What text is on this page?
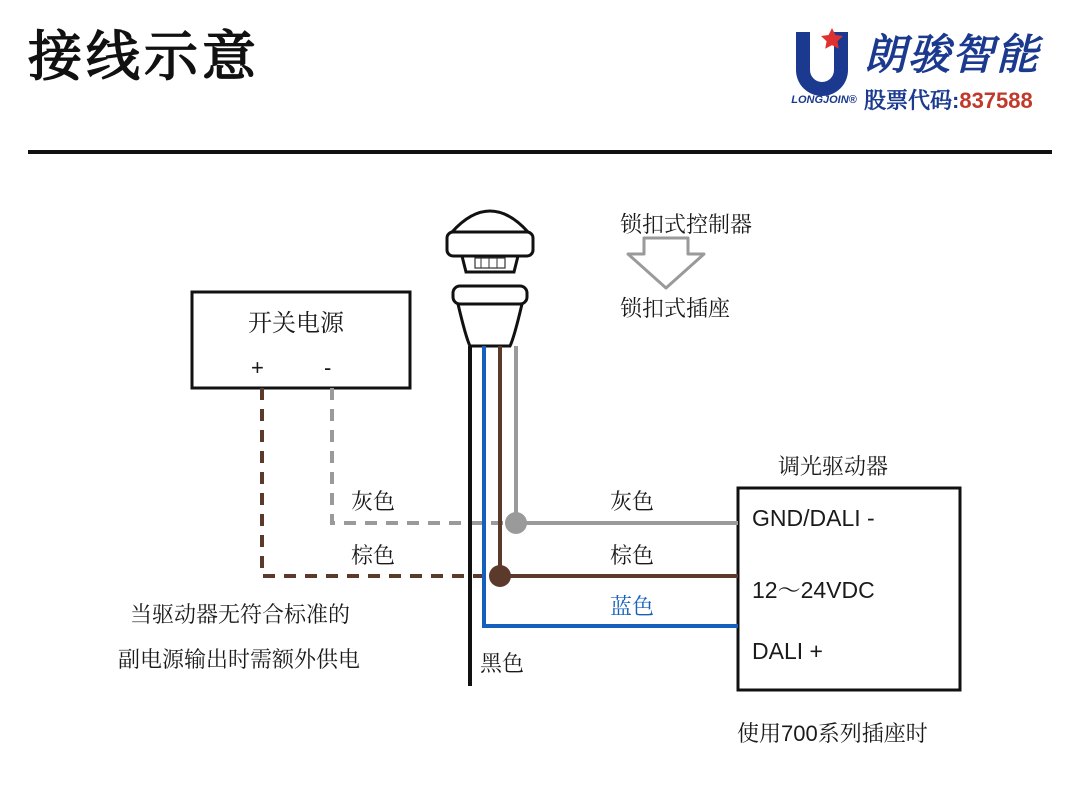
接线示意
LONGJOIN®
朗骏智能
股票代码:837588
锁扣式控制器
锁扣式插座
开关电源
+	-
灰色
棕色
灰色
棕色
蓝色
黑色
调光驱动器
GND/DALI -
12～24VDC
DALI +
使用700系列插座时
当驱动器无符合标准的
副电源输出时需额外供电
